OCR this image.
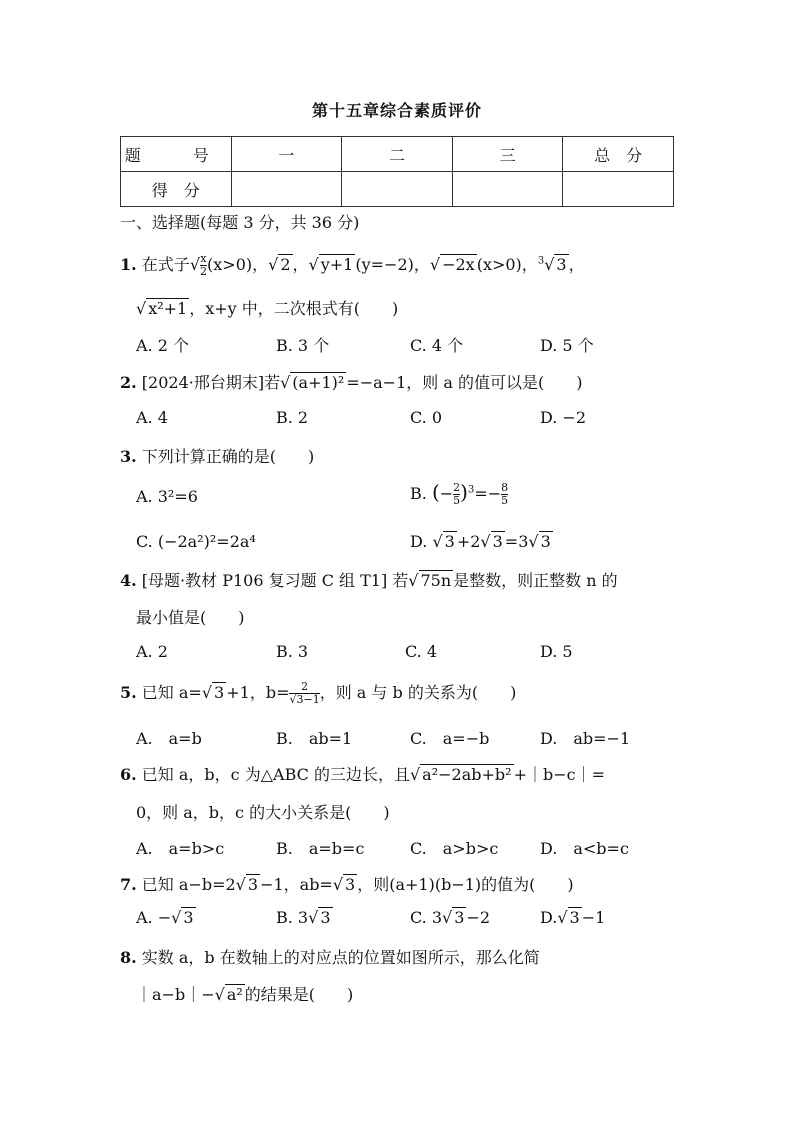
第十五章综合素质评价
题　号	一	二	三	总　分
得　分				
一、选择题(每题 3 分，共 36 分)
1. 在式子√ $\frac{x}{2} (x>0)$，√ 2 ，√ y+1 (y=−2)，√ −2x (x>0)，$^3$√ 3 ，
√ x²+1 ，x+y 中，二次根式有(　　)
A. 2 个	B. 3 个	C. 4 个	D. 5 个
2. [2024·邢台期末]若√ (a+1)² =−a−1，则 a 的值可以是(　　)
A. 4	B. 2	C. 0	D. −2
3. 下列计算正确的是(　　)
A. 3²=6	B. (− $\frac{2}{5} )^3=- \frac{8}{5}$
C. (−2a²)²=2a⁴	D. √ 3 +2√ 3 =3√ 3
4. [母题·教材 P106 复习题 C 组 T1] 若√ 75n 是整数，则正整数 n 的
最小值是(　　)
A. 2	B. 3	C. 4	D. 5
5. 已知 a=√ 3 +1，$b= \frac{2}{√3-1}$ ，则 a 与 b 的关系为(　　)
A.　a=b	B.　ab=1	C.　a=−b	D.　ab=−1
6. 已知 a，b，c 为△ABC 的三边长，且√ a²−2ab+b² +｜b−c｜=
0，则 a，b，c 的大小关系是(　　)
A.　a=b>c	B.　a=b=c	C.　a>b>c	D.　a<b=c
7. 已知 a−b=2√ 3 −1，ab=√ 3 ，则(a+1)(b−1)的值为(　　)
A. −√ 3	B. 3√ 3	C. 3√ 3 −2	D.√ 3 −1
8. 实数 a，b 在数轴上的对应点的位置如图所示，那么化简
｜a−b｜−√ a² 的结果是(　　)
